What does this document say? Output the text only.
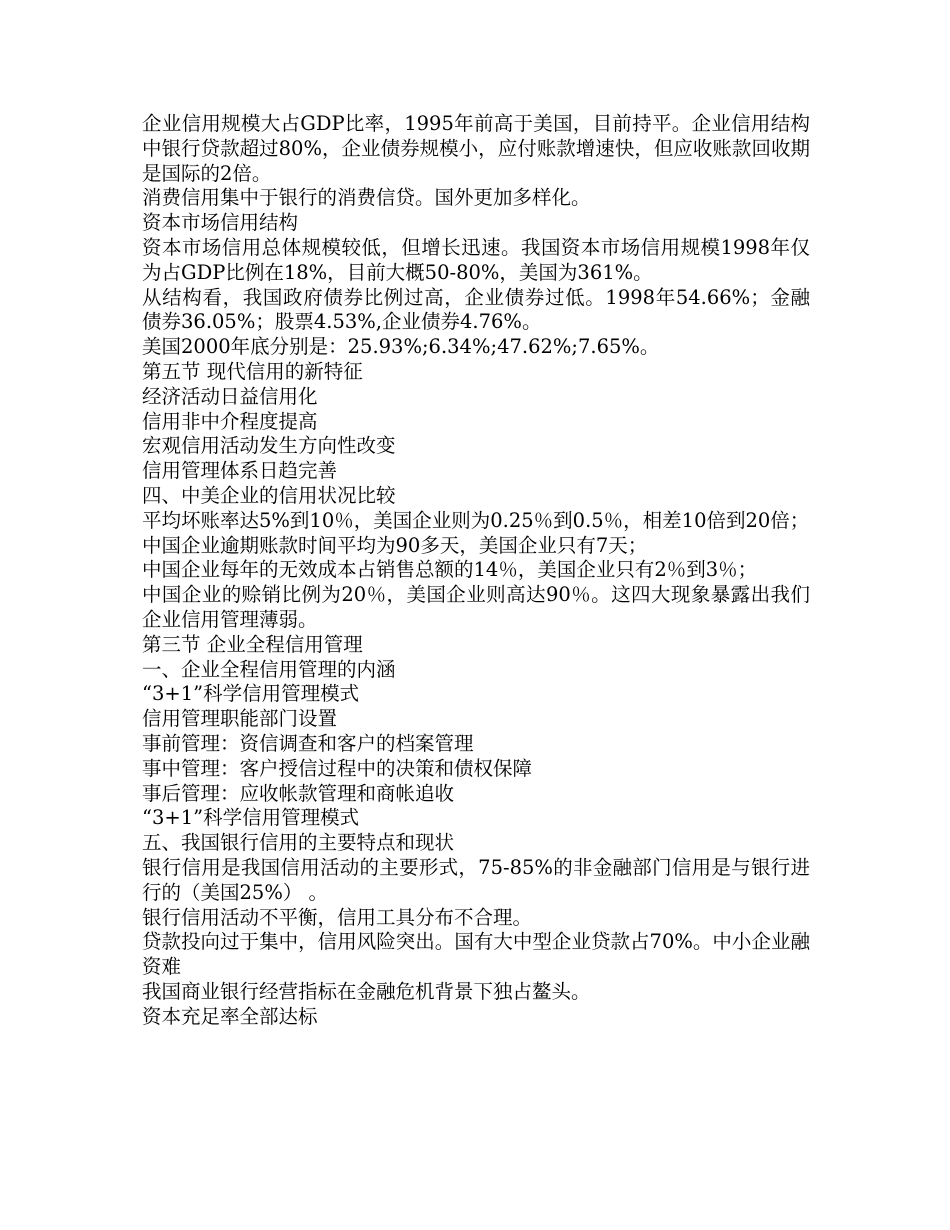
企业信用规模大占GDP比率，1995年前高于美国，目前持平。企业信用结构中银行贷款超过80%，企业债券规模小，应付账款增速快，但应收账款回收期是国际的2倍。

消费信用集中于银行的消费信贷。国外更加多样化。

资本市场信用结构

资本市场信用总体规模较低，但增长迅速。我国资本市场信用规模1998年仅为占GDP比例在18%，目前大概50-80%，美国为361%。

从结构看，我国政府债券比例过高，企业债券过低。1998年54.66%；金融债券36.05%；股票4.53%,企业债券4.76%。

美国2000年底分别是：25.93%;6.34%;47.62%;7.65%。

第五节 现代信用的新特征

经济活动日益信用化

信用非中介程度提高

宏观信用活动发生方向性改变

信用管理体系日趋完善

四、中美企业的信用状况比较

平均坏账率达5%到10％，美国企业则为0.25％到0.5％，相差10倍到20倍；

中国企业逾期账款时间平均为90多天，美国企业只有7天；

中国企业每年的无效成本占销售总额的14％，美国企业只有2％到3％；

中国企业的赊销比例为20％，美国企业则高达90％。这四大现象暴露出我们企业信用管理薄弱。

第三节 企业全程信用管理

一、企业全程信用管理的内涵

“3+1”科学信用管理模式

信用管理职能部门设置

事前管理：资信调查和客户的档案管理

事中管理：客户授信过程中的决策和债权保障

事后管理：应收帐款管理和商帐追收

“3+1”科学信用管理模式

五、我国银行信用的主要特点和现状

银行信用是我国信用活动的主要形式，75-85%的非金融部门信用是与银行进行的（美国25%） 。

银行信用活动不平衡，信用工具分布不合理。

贷款投向过于集中，信用风险突出。国有大中型企业贷款占70%。中小企业融资难

我国商业银行经营指标在金融危机背景下独占鳌头。

资本充足率全部达标
